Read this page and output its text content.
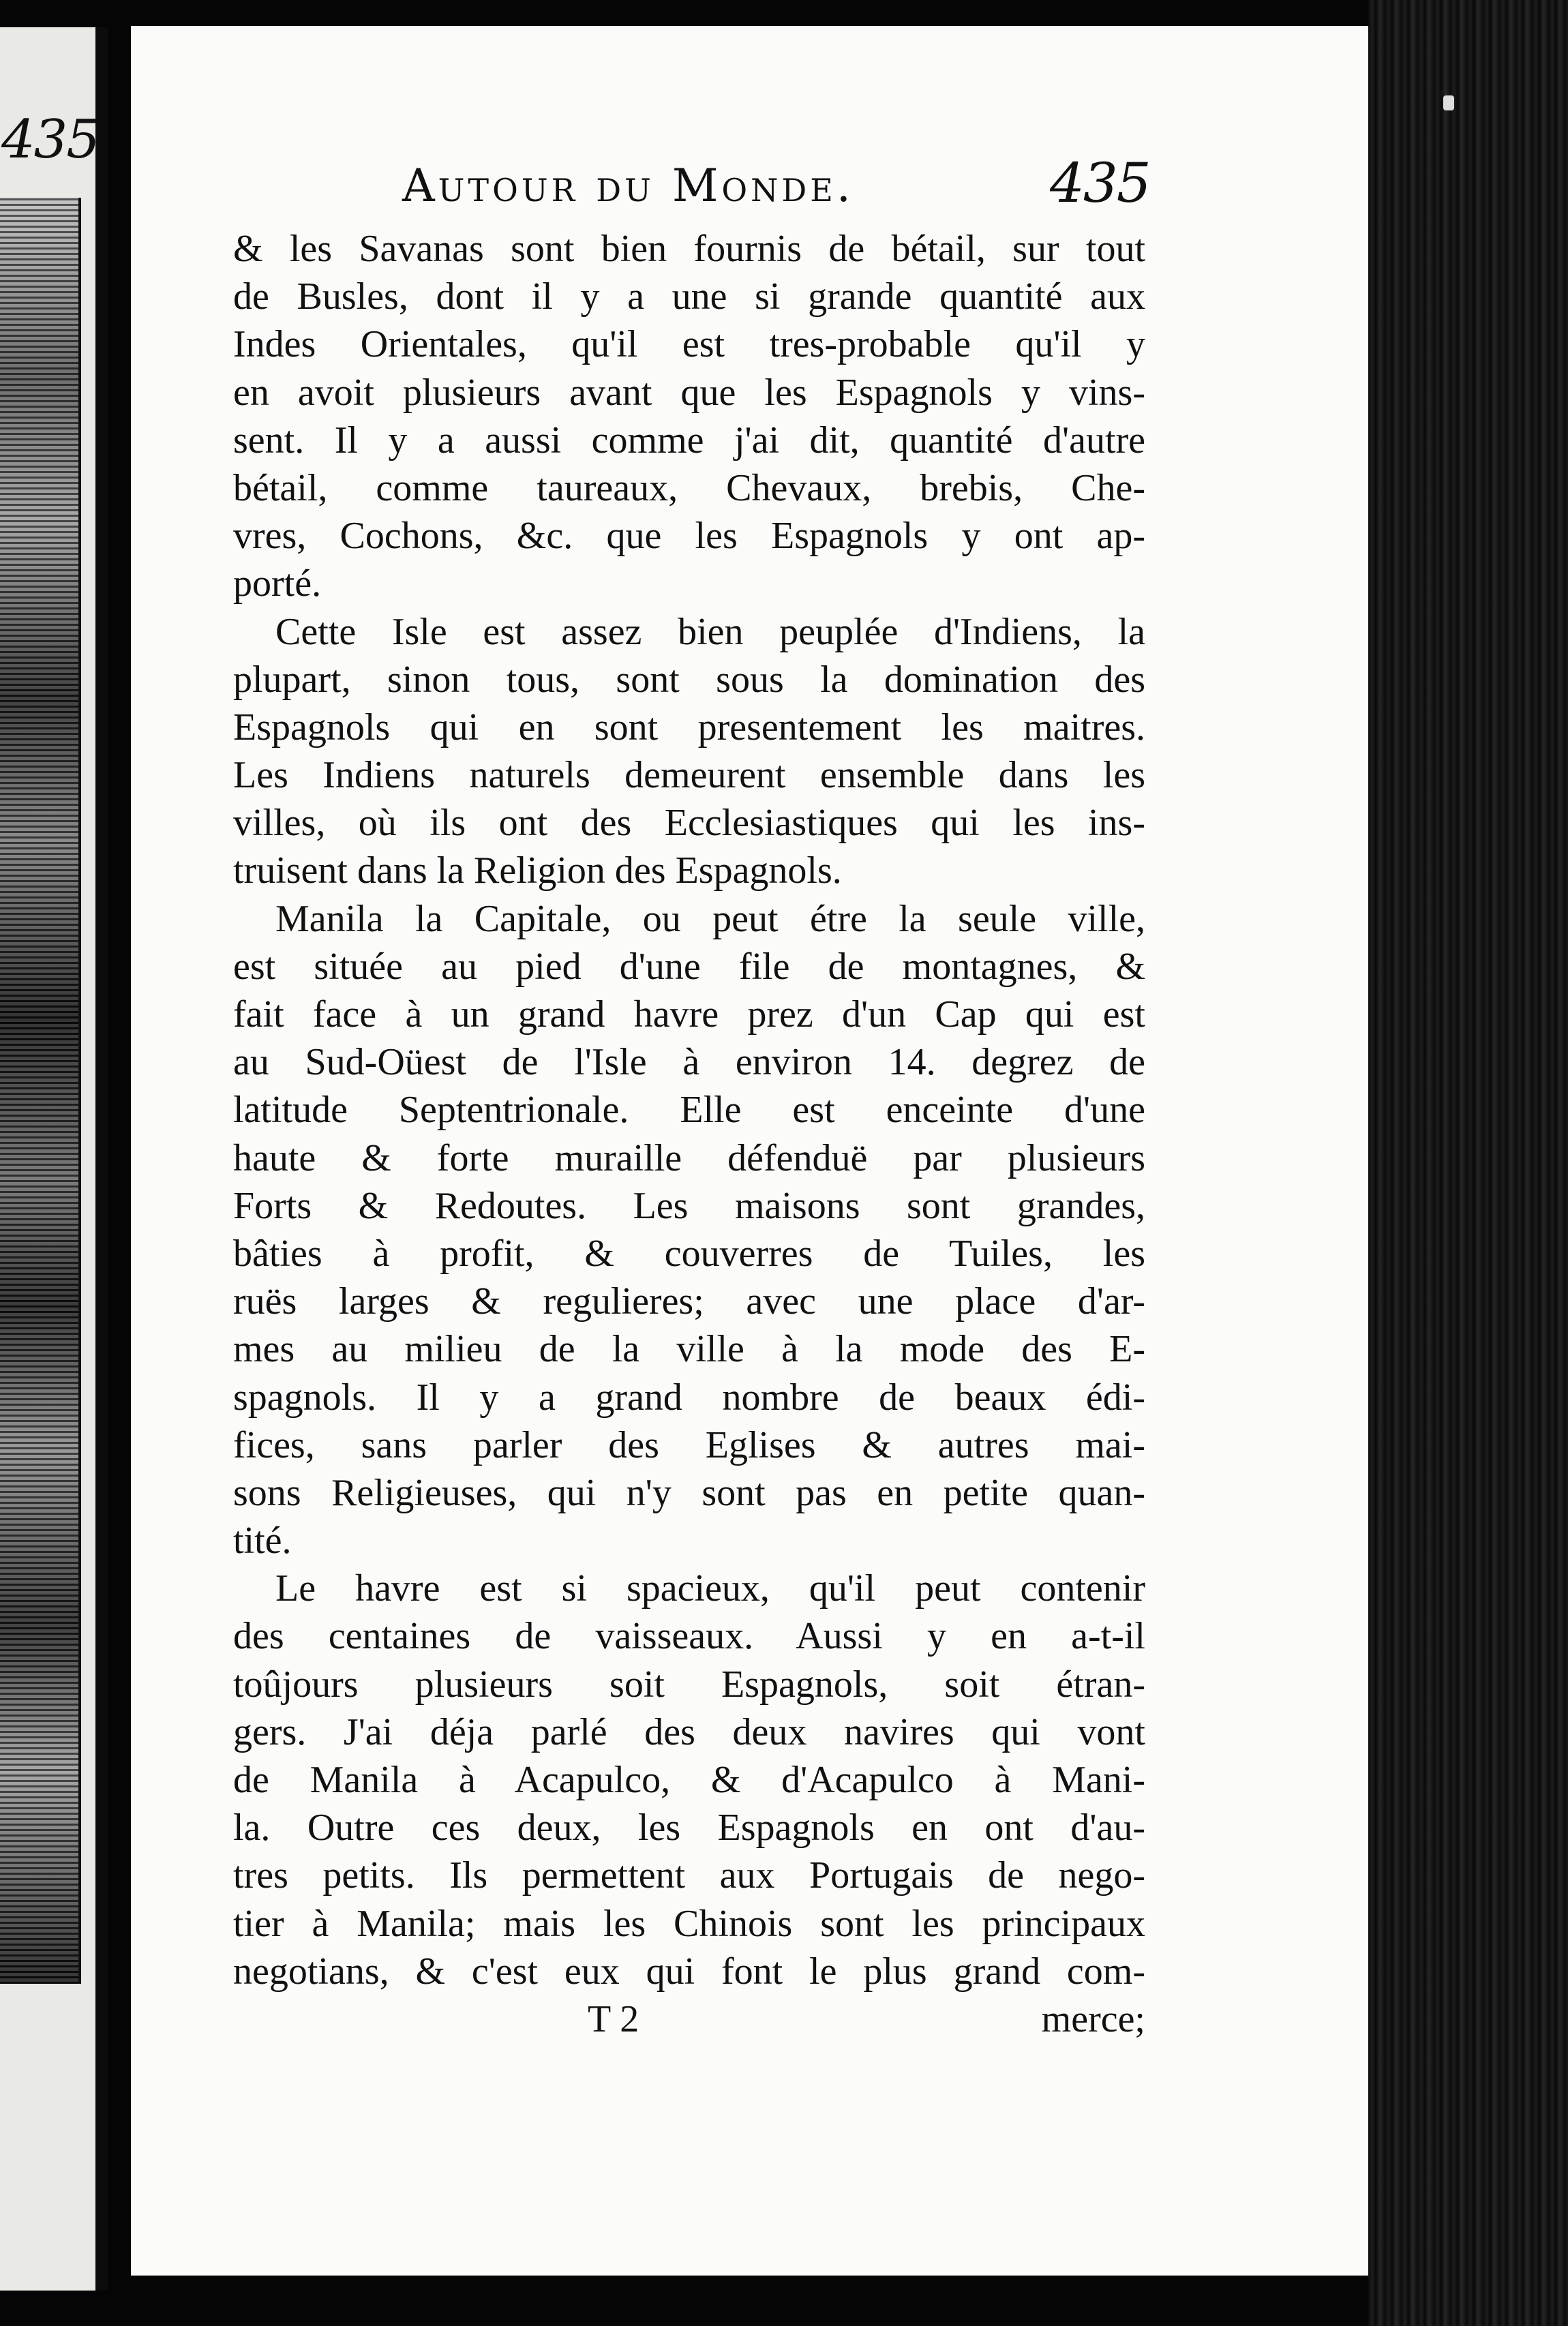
435
Autour du Monde.	435
& les Savanas sont bien fournis de bétail, sur tout
de Busles, dont il y a une si grande quantité aux
Indes Orientales, qu'il est tres-probable qu'il y
en avoit plusieurs avant que les Espagnols y vins-
sent. Il y a aussi comme j'ai dit, quantité d'autre
bétail, comme taureaux, Chevaux, brebis, Che-
vres, Cochons, &c. que les Espagnols y ont ap-
porté.
Cette Isle est assez bien peuplée d'Indiens, la
plupart, sinon tous, sont sous la domination des
Espagnols qui en sont presentement les maitres.
Les Indiens naturels demeurent ensemble dans les
villes, où ils ont des Ecclesiastiques qui les ins-
truisent dans la Religion des Espagnols.
Manila la Capitale, ou peut étre la seule ville,
est située au pied d'une file de montagnes, &
fait face à un grand havre prez d'un Cap qui est
au Sud-Oüest de l'Isle à environ 14. degrez de
latitude Septentrionale. Elle est enceinte d'une
haute & forte muraille défenduë par plusieurs
Forts & Redoutes. Les maisons sont grandes,
bâties à profit, & couverres de Tuiles, les
ruës larges & regulieres; avec une place d'ar-
mes au milieu de la ville à la mode des E-
spagnols. Il y a grand nombre de beaux édi-
fices, sans parler des Eglises & autres mai-
sons Religieuses, qui n'y sont pas en petite quan-
tité.
Le havre est si spacieux, qu'il peut contenir
des centaines de vaisseaux. Aussi y en a-t-il
toûjours plusieurs soit Espagnols, soit étran-
gers. J'ai déja parlé des deux navires qui vont
de Manila à Acapulco, & d'Acapulco à Mani-
la. Outre ces deux, les Espagnols en ont d'au-
tres petits. Ils permettent aux Portugais de nego-
tier à Manila; mais les Chinois sont les principaux
negotians, & c'est eux qui font le plus grand com-
T 2	merce;
